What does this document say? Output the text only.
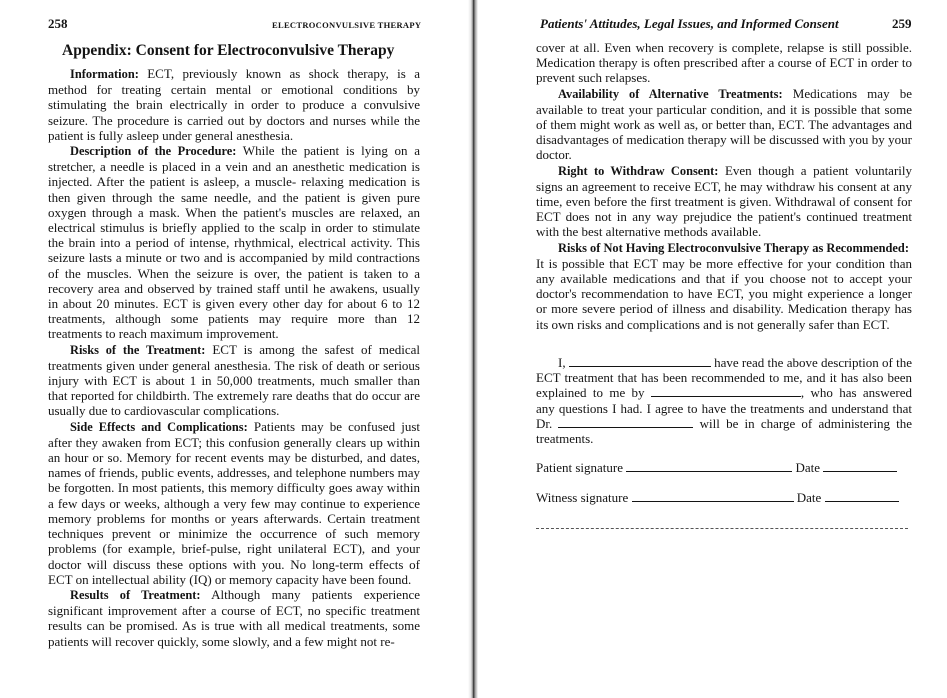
258	ELECTROCONVULSIVE THERAPY
Appendix: Consent for Electroconvulsive Therapy

Information: ECT, previously known as shock therapy, is a method for treating certain mental or emotional conditions by stimulating the brain electrically in order to produce a convulsive seizure. The procedure is carried out by doctors and nurses while the patient is fully asleep under general anesthesia.

Description of the Procedure: While the patient is lying on a stretcher, a needle is placed in a vein and an anesthetic medication is injected. After the patient is asleep, a muscle- relaxing medication is then given through the same needle, and the patient is given pure oxygen through a mask. When the patient's muscles are relaxed, an electrical stimulus is briefly applied to the scalp in order to stimulate the brain into a period of intense, rhythmical, electrical activity. This seizure lasts a minute or two and is accompanied by mild contractions of the muscles. When the seizure is over, the patient is taken to a recovery area and observed by trained staff until he awakens, usually in about 20 minutes. ECT is given every other day for about 6 to 12 treatments, although some patients may require more than 12 treatments to reach maximum improvement.

Risks of the Treatment: ECT is among the safest of medical treatments given under general anesthesia. The risk of death or serious injury with ECT is about 1 in 50,000 treatments, much smaller than that reported for childbirth. The extremely rare deaths that do occur are usually due to cardiovascular complications.

Side Effects and Complications: Patients may be confused just after they awaken from ECT; this confusion generally clears up within an hour or so. Memory for recent events may be disturbed, and dates, names of friends, public events, addresses, and telephone numbers may be forgotten. In most patients, this memory difficulty goes away within a few days or weeks, although a very few may continue to experience memory problems for months or years afterwards. Certain treatment techniques prevent or minimize the occurrence of such memory problems (for example, brief-pulse, right unilateral ECT), and your doctor will discuss these options with you. No long-term effects of ECT on intellectual ability (IQ) or memory capacity have been found.

Results of Treatment: Although many patients experience significant improvement after a course of ECT, no specific treatment results can be promised. As is true with all medical treatments, some patients will recover quickly, some slowly, and a few might not re-

Patients' Attitudes, Legal Issues, and Informed Consent	259

cover at all. Even when recovery is complete, relapse is still possible. Medication therapy is often prescribed after a course of ECT in order to prevent such relapses.

Availability of Alternative Treatments: Medications may be available to treat your particular condition, and it is possible that some of them might work as well as, or better than, ECT. The advantages and disadvantages of medication therapy will be discussed with you by your doctor.

Right to Withdraw Consent: Even though a patient voluntarily signs an agreement to receive ECT, he may withdraw his consent at any time, even before the first treatment is given. Withdrawal of consent for ECT does not in any way prejudice the patient's continued treatment with the best alternative methods available.

Risks of Not Having Electroconvulsive Therapy as Recommended:

It is possible that ECT may be more effective for your condition than any available medications and that if you choose not to accept your doctor's recommendation to have ECT, you might experience a longer or more severe period of illness and disability. Medication therapy has its own risks and complications and is not generally safer than ECT.

I,	have read the above description of the ECT treatment that has been recommended to me, and it has also been explained to me by	, who has answered any questions I had. I agree to have the treatments and understand that Dr.	will be in charge of administering the treatments.

Patient signature	Date
Witness signature	Date
